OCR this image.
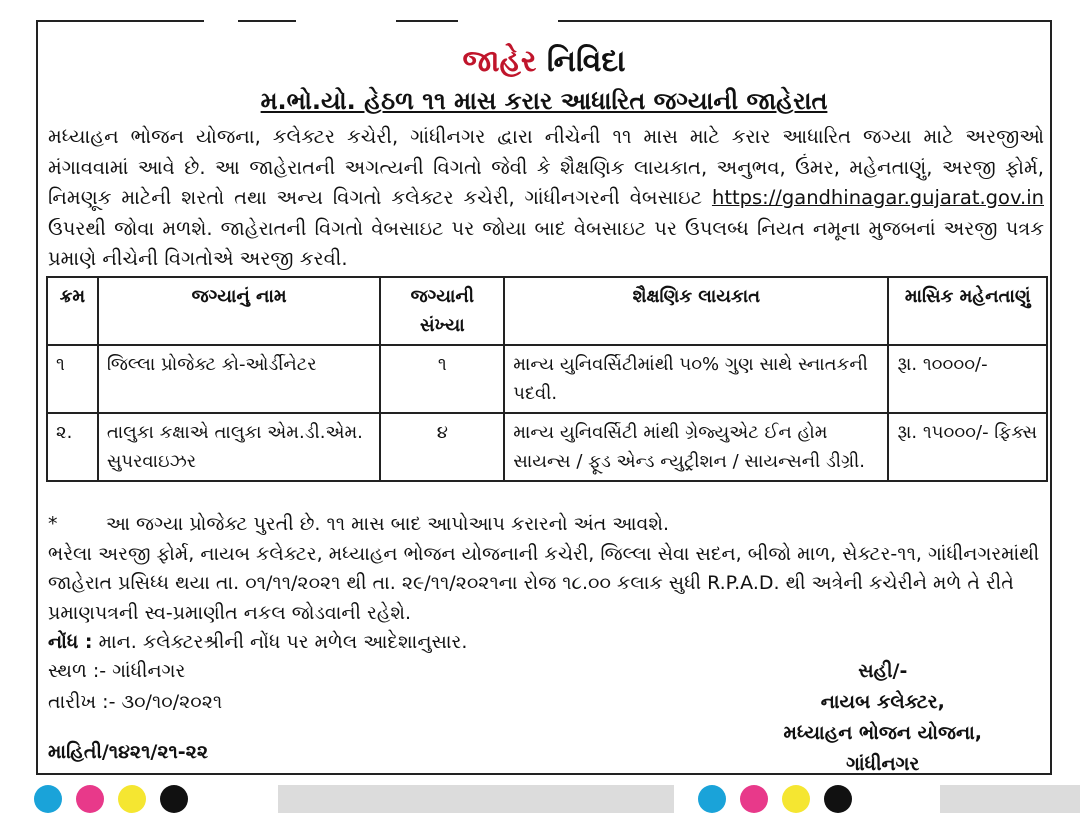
જાહેર નિવિદા
મ.ભો.યો. હેઠળ ૧૧ માસ કરાર આધારિત જગ્યાની જાહેરાત
મધ્યાહન ભોજન યોજના, કલેક્ટર કચેરી, ગાંધીનગર દ્વારા નીચેની ૧૧ માસ માટે કરાર આધારિત જગ્યા માટે અરજીઓ મંગાવવામાં આવે છે. આ જાહેરાતની અગત્યની વિગતો જેવી કે શૈક્ષણિક લાયકાત, અનુભવ, ઉંમર, મહેનતાણું, અરજી ફોર્મ, નિમણૂક માટેની શરતો તથા અન્ય વિગતો કલેક્ટર કચેરી, ગાંધીનગરની વેબસાઇટ https://gandhinagar.gujarat.gov.in ઉપરથી જોવા મળશે. જાહેરાતની વિગતો વેબસાઇટ પર જોયા બાદ વેબસાઇટ પર ઉપલબ્ધ નિયત નમૂના મુજબનાં અરજી પત્રક પ્રમાણે નીચેની વિગતોએ અરજી કરવી.
ક્રમ	જગ્યાનું નામ	જગ્યાની સંખ્યા	શૈક્ષણિક લાયકાત	માસિક મહેનતાણું
૧	જિલ્લા પ્રોજેક્ટ કો-ઓર્ડીનેટર	૧	માન્ય યુનિવર્સિટીમાંથી ૫૦% ગુણ સાથે સ્નાતકની પદવી.	રૂા. ૧૦૦૦૦/-
૨.	તાલુકા કક્ષાએ તાલુકા એમ.ડી.એમ. સુપરવાઇઝર	૪	માન્ય યુનિવર્સિટી માંથી ગ્રેજ્યુએટ ઈન હોમ સાયન્સ / ફૂડ એન્ડ ન્યુટ્રીશન / સાયન્સની ડીગ્રી.	રૂા. ૧૫૦૦૦/- ફિક્સ

*        આ જગ્યા પ્રોજેક્ટ પુરતી છે. ૧૧ માસ બાદ આપોઆપ કરારનો અંત આવશે.

ભરેલા અરજી ફોર્મ, નાયબ કલેક્ટર, મધ્યાહન ભોજન યોજનાની કચેરી, જિલ્લા સેવા સદન, બીજો માળ, સેક્ટર-૧૧, ગાંધીનગરમાંથી જાહેરાત પ્રસિધ્ધ થયા તા. ૦૧/૧૧/૨૦૨૧ થી તા. ૨૯/૧૧/૨૦૨૧ના રોજ ૧૮.૦૦ કલાક સુધી R.P.A.D. થી અત્રેની કચેરીને મળે તે રીતે પ્રમાણપત્રની સ્વ-પ્રમાણીત નકલ જોડવાની રહેશે.

નોંધ : માન. કલેક્ટરશ્રીની નોંધ પર મળેલ આદેશાનુસાર.

સ્થળ :- ગાંધીનગર
તારીખ :- ૩૦/૧૦/૨૦૨૧
માહિતી/૧૪૨૧/૨૧-૨૨
સહી/-
નાયબ કલેક્ટર,
મધ્યાહન ભોજન યોજના,
ગાંધીનગર
